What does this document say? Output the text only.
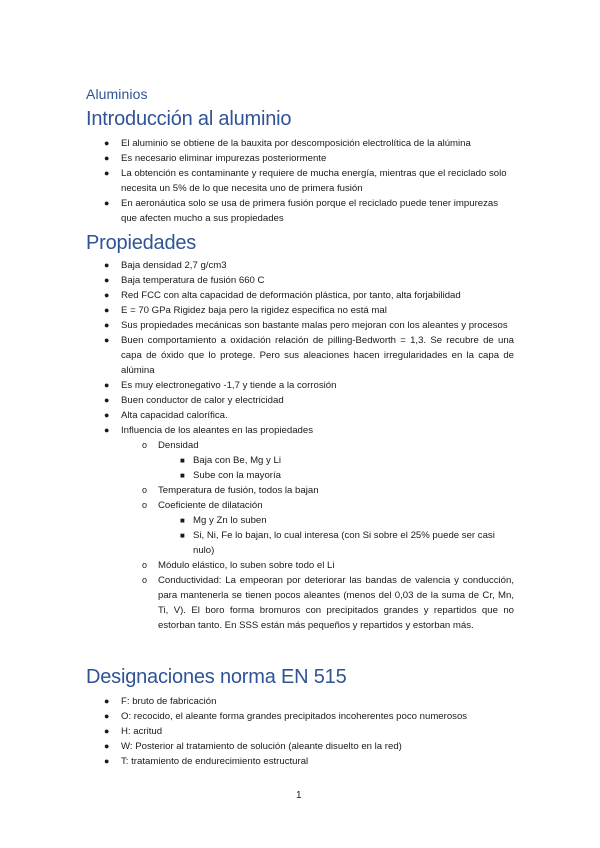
Aluminios
Introducción al aluminio
● El aluminio se obtiene de la bauxita por descomposición electrolítica de la alúmina
● Es necesario eliminar impurezas posteriormente
● La obtención es contaminante y requiere de mucha energía, mientras que el reciclado solo necesita un 5% de lo que necesita uno de primera fusión
● En aeronáutica solo se usa de primera fusión porque el reciclado puede tener impurezas que afecten mucho a sus propiedades
Propiedades
● Baja densidad 2,7 g/cm3
● Baja temperatura de fusión 660 C
● Red FCC con alta capacidad de deformación plástica, por tanto, alta forjabilidad
● E = 70 GPa Rigidez baja pero la rigidez especifica no está mal
● Sus propiedades mecánicas son bastante malas pero mejoran con los aleantes y procesos
● Buen comportamiento a oxidación relación de pilling-Bedworth = 1,3. Se recubre de una capa de óxido que lo protege. Pero sus aleaciones hacen irregularidades en la capa de alúmina
● Es muy electronegativo -1,7 y tiende a la corrosión
● Buen conductor de calor y electricidad
● Alta capacidad calorífica.
● Influencia de los aleantes en las propiedades
o Densidad
■ Baja con Be, Mg y Li
■ Sube con la mayoría
o Temperatura de fusión, todos la bajan
o Coeficiente de dilatación
■ Mg y Zn lo suben
■ Si, Ni, Fe lo bajan, lo cual interesa (con Si sobre el 25% puede ser casi nulo)
o Módulo elástico, lo suben sobre todo el Li
o Conductividad: La empeoran por deteriorar las bandas de valencia y conducción, para mantenerla se tienen pocos aleantes (menos del 0,03 de la suma de Cr, Mn, Ti, V). El boro forma bromuros con precipitados grandes y repartidos que no estorban tanto. En SSS están más pequeños y repartidos y estorban más.
Designaciones norma EN 515
● F: bruto de fabricación
● O: recocido, el aleante forma grandes precipitados incoherentes poco numerosos
● H: acritud
● W: Posterior al tratamiento de solución (aleante disuelto en la red)
● T: tratamiento de endurecimiento estructural
1
